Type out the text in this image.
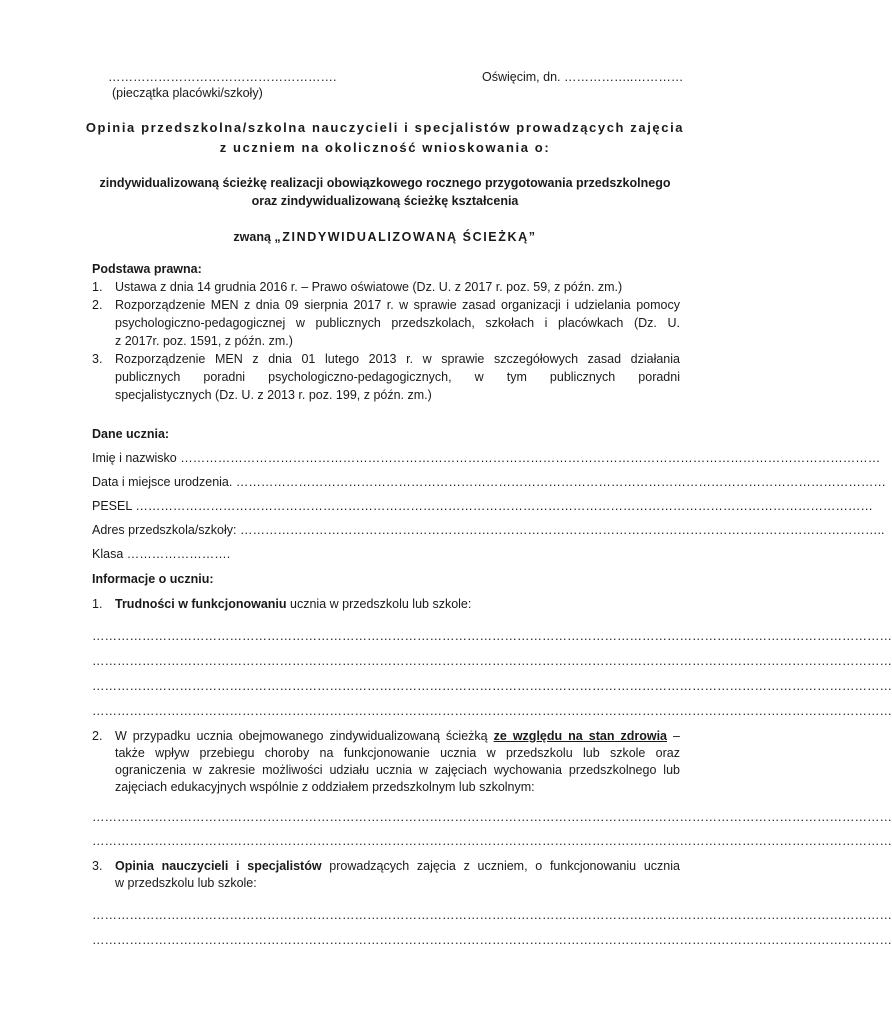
……………………………………………….
(pieczątka placówki/szkoły)
Oświęcim, dn. ……………..…………
Opinia przedszkolna/szkolna nauczycieli i specjalistów prowadzących zajęcia
z uczniem na okoliczność wnioskowania o:
zindywidualizowaną ścieżkę realizacji obowiązkowego rocznego przygotowania przedszkolnego
oraz zindywidualizowaną ścieżkę kształcenia
zwaną „ZINDYWIDUALIZOWANĄ ŚCIEŻKĄ”
Podstawa prawna:
1. Ustawa z dnia 14 grudnia 2016 r. – Prawo oświatowe (Dz. U. z 2017 r. poz. 59, z późn. zm.)
2. Rozporządzenie MEN z dnia 09 sierpnia 2017 r. w sprawie zasad organizacji i udzielania pomocy
psychologiczno-pedagogicznej w publicznych przedszkolach, szkołach i placówkach (Dz. U.
z 2017r. poz. 1591, z późn. zm.)
3. Rozporządzenie MEN z dnia 01 lutego 2013 r. w sprawie szczegółowych zasad działania
publicznych poradni psychologiczno-pedagogicznych, w tym publicznych poradni
specjalistycznych (Dz. U. z 2013 r. poz. 199, z późn. zm.)
Dane ucznia:
Imię i nazwisko ……………………………………………………………………………………………………………………………………………………
Data i miejsce urodzenia. …………………………………………………………………………………………………………………………………………
PESEL ……………………………………………………………………………………………………………………………………………………………
Adres przedszkola/szkoły: ………………………………………………………………………………………………………………………………………..
Klasa …………………….
Informacje o uczniu:
1. Trudności w funkcjonowaniu ucznia w przedszkolu lub szkole:
…………………………………………………………………………………………………………………………………………………………………………
…………………………………………………………………………………………………………………………………………………………………………
…………………………………………………………………………………………………………………………………………………………………………
…………………………………………………………………………………………………………………………………………………………………………
2. W przypadku ucznia obejmowanego zindywidualizowaną ścieżką ze względu na stan zdrowia –
także wpływ przebiegu choroby na funkcjonowanie ucznia w przedszkolu lub szkole oraz
ograniczenia w zakresie możliwości udziału ucznia w zajęciach wychowania przedszkolnego lub
zajęciach edukacyjnych wspólnie z oddziałem przedszkolnym lub szkolnym:
…………………………………………………………………………………………………………………………………………………………………………
…………………………………………………………………………………………………………………………………………………………………………
3. Opinia nauczycieli i specjalistów prowadzących zajęcia z uczniem, o funkcjonowaniu ucznia
w przedszkolu lub szkole:
…………………………………………………………………………………………………………………………………………………………………………
…………………………………………………………………………………………………………………………………………………………………………
